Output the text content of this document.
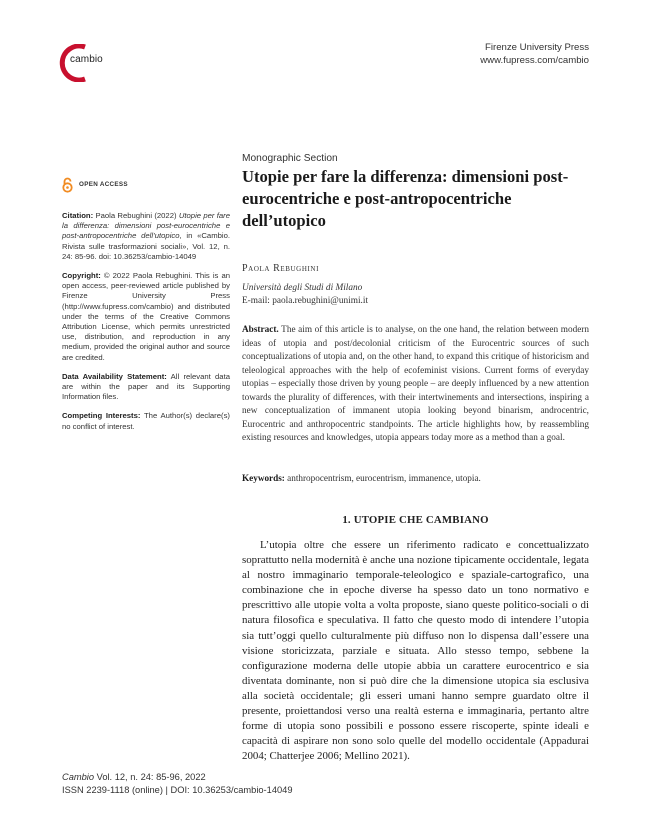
cambio
Firenze University Press
www.fupress.com/cambio
OPEN ACCESS
Citation: Paola Rebughini (2022) Utopie per fare la differenza: dimensioni post-eurocentriche e post-antropocentriche dell’utopico, in «Cambio. Rivista sulle trasformazioni sociali», Vol. 12, n. 24: 85-96. doi: 10.36253/cambio-14049
Copyright: © 2022 Paola Rebughini. This is an open access, peer-reviewed article published by Firenze University Press (http://www.fupress.com/cambio) and distributed under the terms of the Creative Commons Attribution License, which permits unrestricted use, distribution, and reproduction in any medium, provided the original author and source are credited.
Data Availability Statement: All relevant data are within the paper and its Supporting Information files.
Competing Interests: The Author(s) declare(s) no conflict of interest.
Monographic Section
Utopie per fare la differenza: dimensioni post-eurocentriche e post-antropocentriche dell’utopico
Paola Rebughini
Università degli Studi di Milano
E-mail: paola.rebughini@unimi.it

Abstract. The aim of this article is to analyse, on the one hand, the relation between modern ideas of utopia and post/decolonial criticism of the Eurocentric sources of such conceptualizations of utopia and, on the other hand, to expand this critique of historicism and teleological approaches with the help of ecofeminist visions. Current forms of everyday utopias – especially those driven by young people – are deeply influenced by a new attention towards the plurality of differences, with their intertwinements and intersections, inspiring a new conceptualization of immanent utopia looking beyond binarism, androcentric, Eurocentric and anthropocentric standpoints. The article highlights how, by reassembling existing resources and knowledges, utopia appears today more as a method than a goal.

Keywords: anthropocentrism, eurocentrism, immanence, utopia.

1. UTOPIE CHE CAMBIANO

L’utopia oltre che essere un riferimento radicato e concettualizzato soprattutto nella modernità è anche una nozione tipicamente occidentale, legata al nostro immaginario temporale-teleologico e spaziale-cartografico, una combinazione che in epoche diverse ha spesso dato un tono normativo e prescrittivo alle utopie volta a volta proposte, siano queste politico-sociali o di natura filosofica e speculativa. Il fatto che questo modo di intendere l’utopia sia tutt’oggi quello culturalmente più diffuso non lo dispensa dall’essere una visione storicizzata, parziale e situata. Allo stesso tempo, sebbene la configurazione moderna delle utopie abbia un carattere eurocentrico e sia diventata dominante, non si può dire che la dimensione utopica sia esclusiva alla società occidentale; gli esseri umani hanno sempre guardato oltre il presente, proiettandosi verso una realtà esterna e immaginaria, pertanto altre forme di utopia sono possibili e possono essere riscoperte, spinte ideali e capacità di aspirare non sono solo quelle del modello occidentale (Appadurai 2004; Chatterjee 2006; Mellino 2021).

Cambio Vol. 12, n. 24: 85-96, 2022
ISSN 2239-1118 (online) | DOI: 10.36253/cambio-14049
